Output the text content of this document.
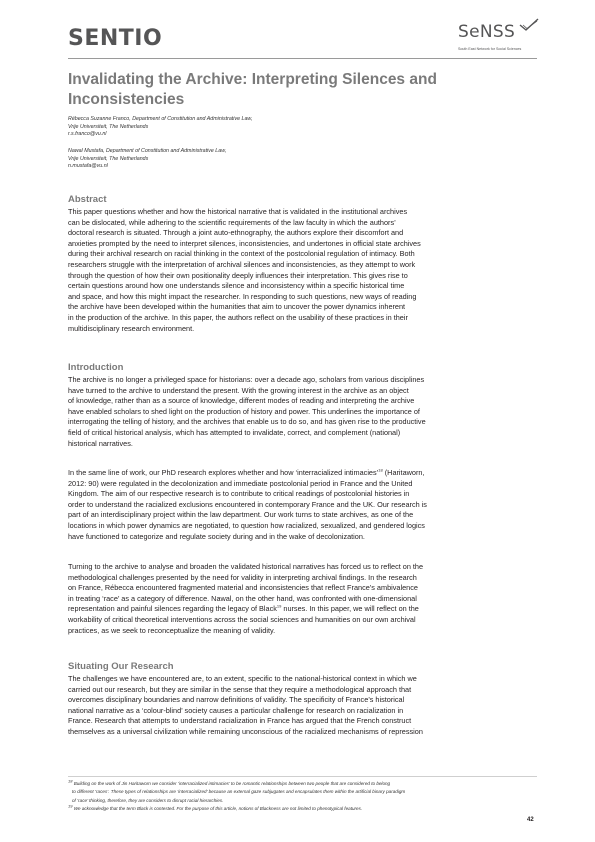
SENTIO	SeNSS
South East Network for Social Sciences
Invalidating the Archive: Interpreting Silences and
Inconsistencies
Rébecca Suzanne Franco, Department of Constitution and Administrative Law,
Vrije Universiteit, The Netherlands
r.s.franco@vu.nl
Nawal Mustafa, Department of Constitution and Administrative Law,
Vrije Universiteit, The Netherlands
n.mustafa@vu.nl
Abstract
This paper questions whether and how the historical narrative that is validated in the institutional archives
can be dislocated, while adhering to the scientific requirements of the law faculty in which the authors’
doctoral research is situated. Through a joint auto-ethnography, the authors explore their discomfort and
anxieties prompted by the need to interpret silences, inconsistencies, and undertones in official state archives
during their archival research on racial thinking in the context of the postcolonial regulation of intimacy. Both
researchers struggle with the interpretation of archival silences and inconsistencies, as they attempt to work
through the question of how their own positionality deeply influences their interpretation. This gives rise to
certain questions around how one understands silence and inconsistency within a specific historical time
and space, and how this might impact the researcher. In responding to such questions, new ways of reading
the archive have been developed within the humanities that aim to uncover the power dynamics inherent
in the production of the archive. In this paper, the authors reflect on the usability of these practices in their
multidisciplinary research environment.
Introduction
The archive is no longer a privileged space for historians: over a decade ago, scholars from various disciplines
have turned to the archive to understand the present. With the growing interest in the archive as an object
of knowledge, rather than as a source of knowledge, different modes of reading and interpreting the archive
have enabled scholars to shed light on the production of history and power. This underlines the importance of
interrogating the telling of history, and the archives that enable us to do so, and has given rise to the productive
field of critical historical analysis, which has attempted to invalidate, correct, and complement (national)
historical narratives.
In the same line of work, our PhD research explores whether and how ‘interracialized intimacies’$^{18}$ (Haritaworn,
2012: 90) were regulated in the decolonization and immediate postcolonial period in France and the United
Kingdom. The aim of our respective research is to contribute to critical readings of postcolonial histories in
order to understand the racialized exclusions encountered in contemporary France and the UK. Our research is
part of an interdisciplinary project within the law department. Our work turns to state archives, as one of the
locations in which power dynamics are negotiated, to question how racialized, sexualized, and gendered logics
have functioned to categorize and regulate society during and in the wake of decolonization.
Turning to the archive to analyse and broaden the validated historical narratives has forced us to reflect on the
methodological challenges presented by the need for validity in interpreting archival findings. In the research
on France, Rébecca encountered fragmented material and inconsistencies that reflect France’s ambivalence
in treating ‘race’ as a category of difference. Nawal, on the other hand, was confronted with one-dimensional
representation and painful silences regarding the legacy of Black$^{19}$ nurses. In this paper, we will reflect on the
workability of critical theoretical interventions across the social sciences and humanities on our own archival
practices, as we seek to reconceptualize the meaning of validity.
Situating Our Research
The challenges we have encountered are, to an extent, specific to the national-historical context in which we
carried out our research, but they are similar in the sense that they require a methodological approach that
overcomes disciplinary boundaries and narrow definitions of validity. The specificity of France’s historical
national narrative as a ‘colour-blind’ society causes a particular challenge for research on racialization in
France. Research that attempts to understand racialization in France has argued that the French construct
themselves as a universal civilization while remaining unconscious of the racialized mechanisms of repression
$^{18}$ Building on the work of Jin Haritaworn we consider ‘interracialized intimacies’ to be romantic relationships between two people that are considered to belong
to different ‘races’. These types of relationships are ‘interracialized’ because an external gaze subjugates and encapsulates them within the artificial binary paradigm
of ‘race’ thinking, therefore, they are considers to disrupt racial hierarchies.
$^{19}$ We acknowledge that the term Black is contested. For the purpose of this article, notions of Blackness are not limited to phenotypical features.
42
